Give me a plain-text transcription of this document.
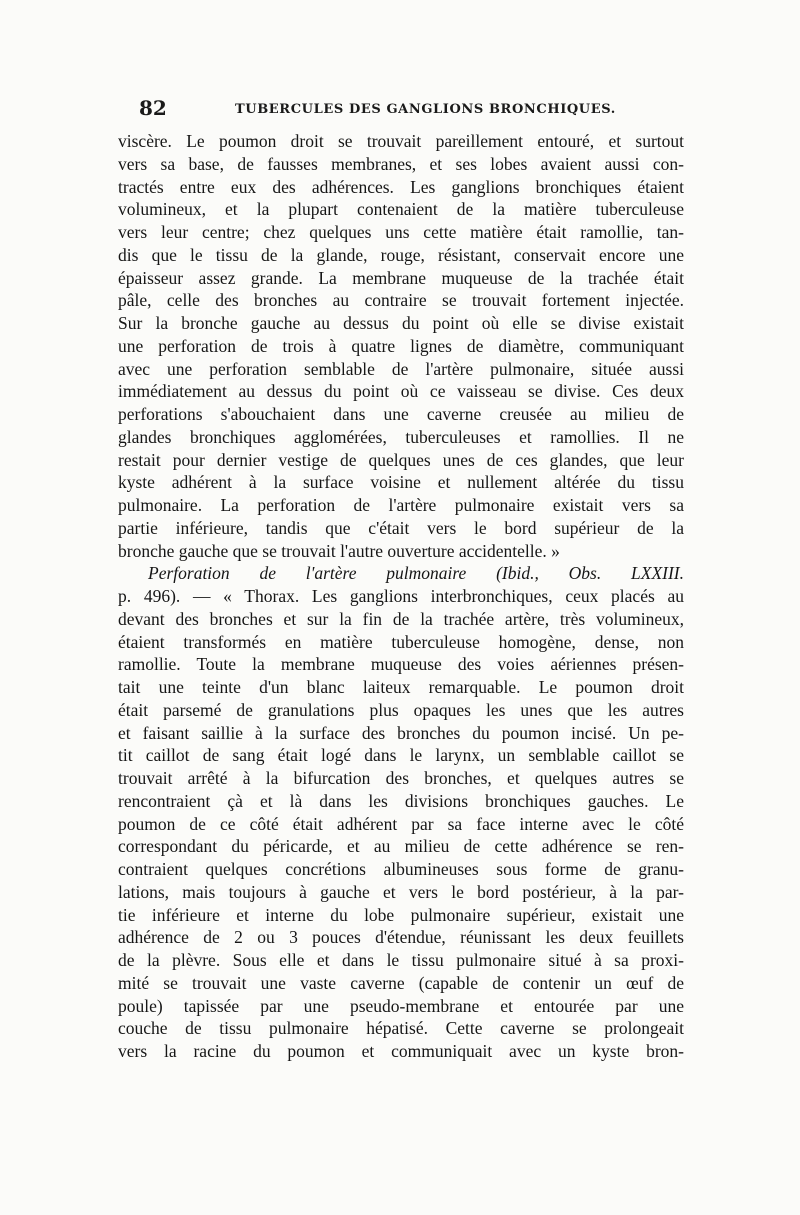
82	TUBERCULES DES GANGLIONS BRONCHIQUES.
viscère. Le poumon droit se trouvait pareillement entouré, et surtout
vers sa base, de fausses membranes, et ses lobes avaient aussi con-
tractés entre eux des adhérences. Les ganglions bronchiques étaient
volumineux, et la plupart contenaient de la matière tuberculeuse
vers leur centre; chez quelques uns cette matière était ramollie, tan-
dis que le tissu de la glande, rouge, résistant, conservait encore une
épaisseur assez grande. La membrane muqueuse de la trachée était
pâle, celle des bronches au contraire se trouvait fortement injectée.
Sur la bronche gauche au dessus du point où elle se divise existait
une perforation de trois à quatre lignes de diamètre, communiquant
avec une perforation semblable de l'artère pulmonaire, située aussi
immédiatement au dessus du point où ce vaisseau se divise. Ces deux
perforations s'abouchaient dans une caverne creusée au milieu de
glandes bronchiques agglomérées, tuberculeuses et ramollies. Il ne
restait pour dernier vestige de quelques unes de ces glandes, que leur
kyste adhérent à la surface voisine et nullement altérée du tissu
pulmonaire. La perforation de l'artère pulmonaire existait vers sa
partie inférieure, tandis que c'était vers le bord supérieur de la
bronche gauche que se trouvait l'autre ouverture accidentelle. »
Perforation de l'artère pulmonaire (Ibid., Obs. LXXIII.
p. 496). — « Thorax. Les ganglions interbronchiques, ceux placés au
devant des bronches et sur la fin de la trachée artère, très volumineux,
étaient transformés en matière tuberculeuse homogène, dense, non
ramollie. Toute la membrane muqueuse des voies aériennes présen-
tait une teinte d'un blanc laiteux remarquable. Le poumon droit
était parsemé de granulations plus opaques les unes que les autres
et faisant saillie à la surface des bronches du poumon incisé. Un pe-
tit caillot de sang était logé dans le larynx, un semblable caillot se
trouvait arrêté à la bifurcation des bronches, et quelques autres se
rencontraient çà et là dans les divisions bronchiques gauches. Le
poumon de ce côté était adhérent par sa face interne avec le côté
correspondant du péricarde, et au milieu de cette adhérence se ren-
contraient quelques concrétions albumineuses sous forme de granu-
lations, mais toujours à gauche et vers le bord postérieur, à la par-
tie inférieure et interne du lobe pulmonaire supérieur, existait une
adhérence de 2 ou 3 pouces d'étendue, réunissant les deux feuillets
de la plèvre. Sous elle et dans le tissu pulmonaire situé à sa proxi-
mité se trouvait une vaste caverne (capable de contenir un œuf de
poule) tapissée par une pseudo-membrane et entourée par une
couche de tissu pulmonaire hépatisé. Cette caverne se prolongeait
vers la racine du poumon et communiquait avec un kyste bron-
